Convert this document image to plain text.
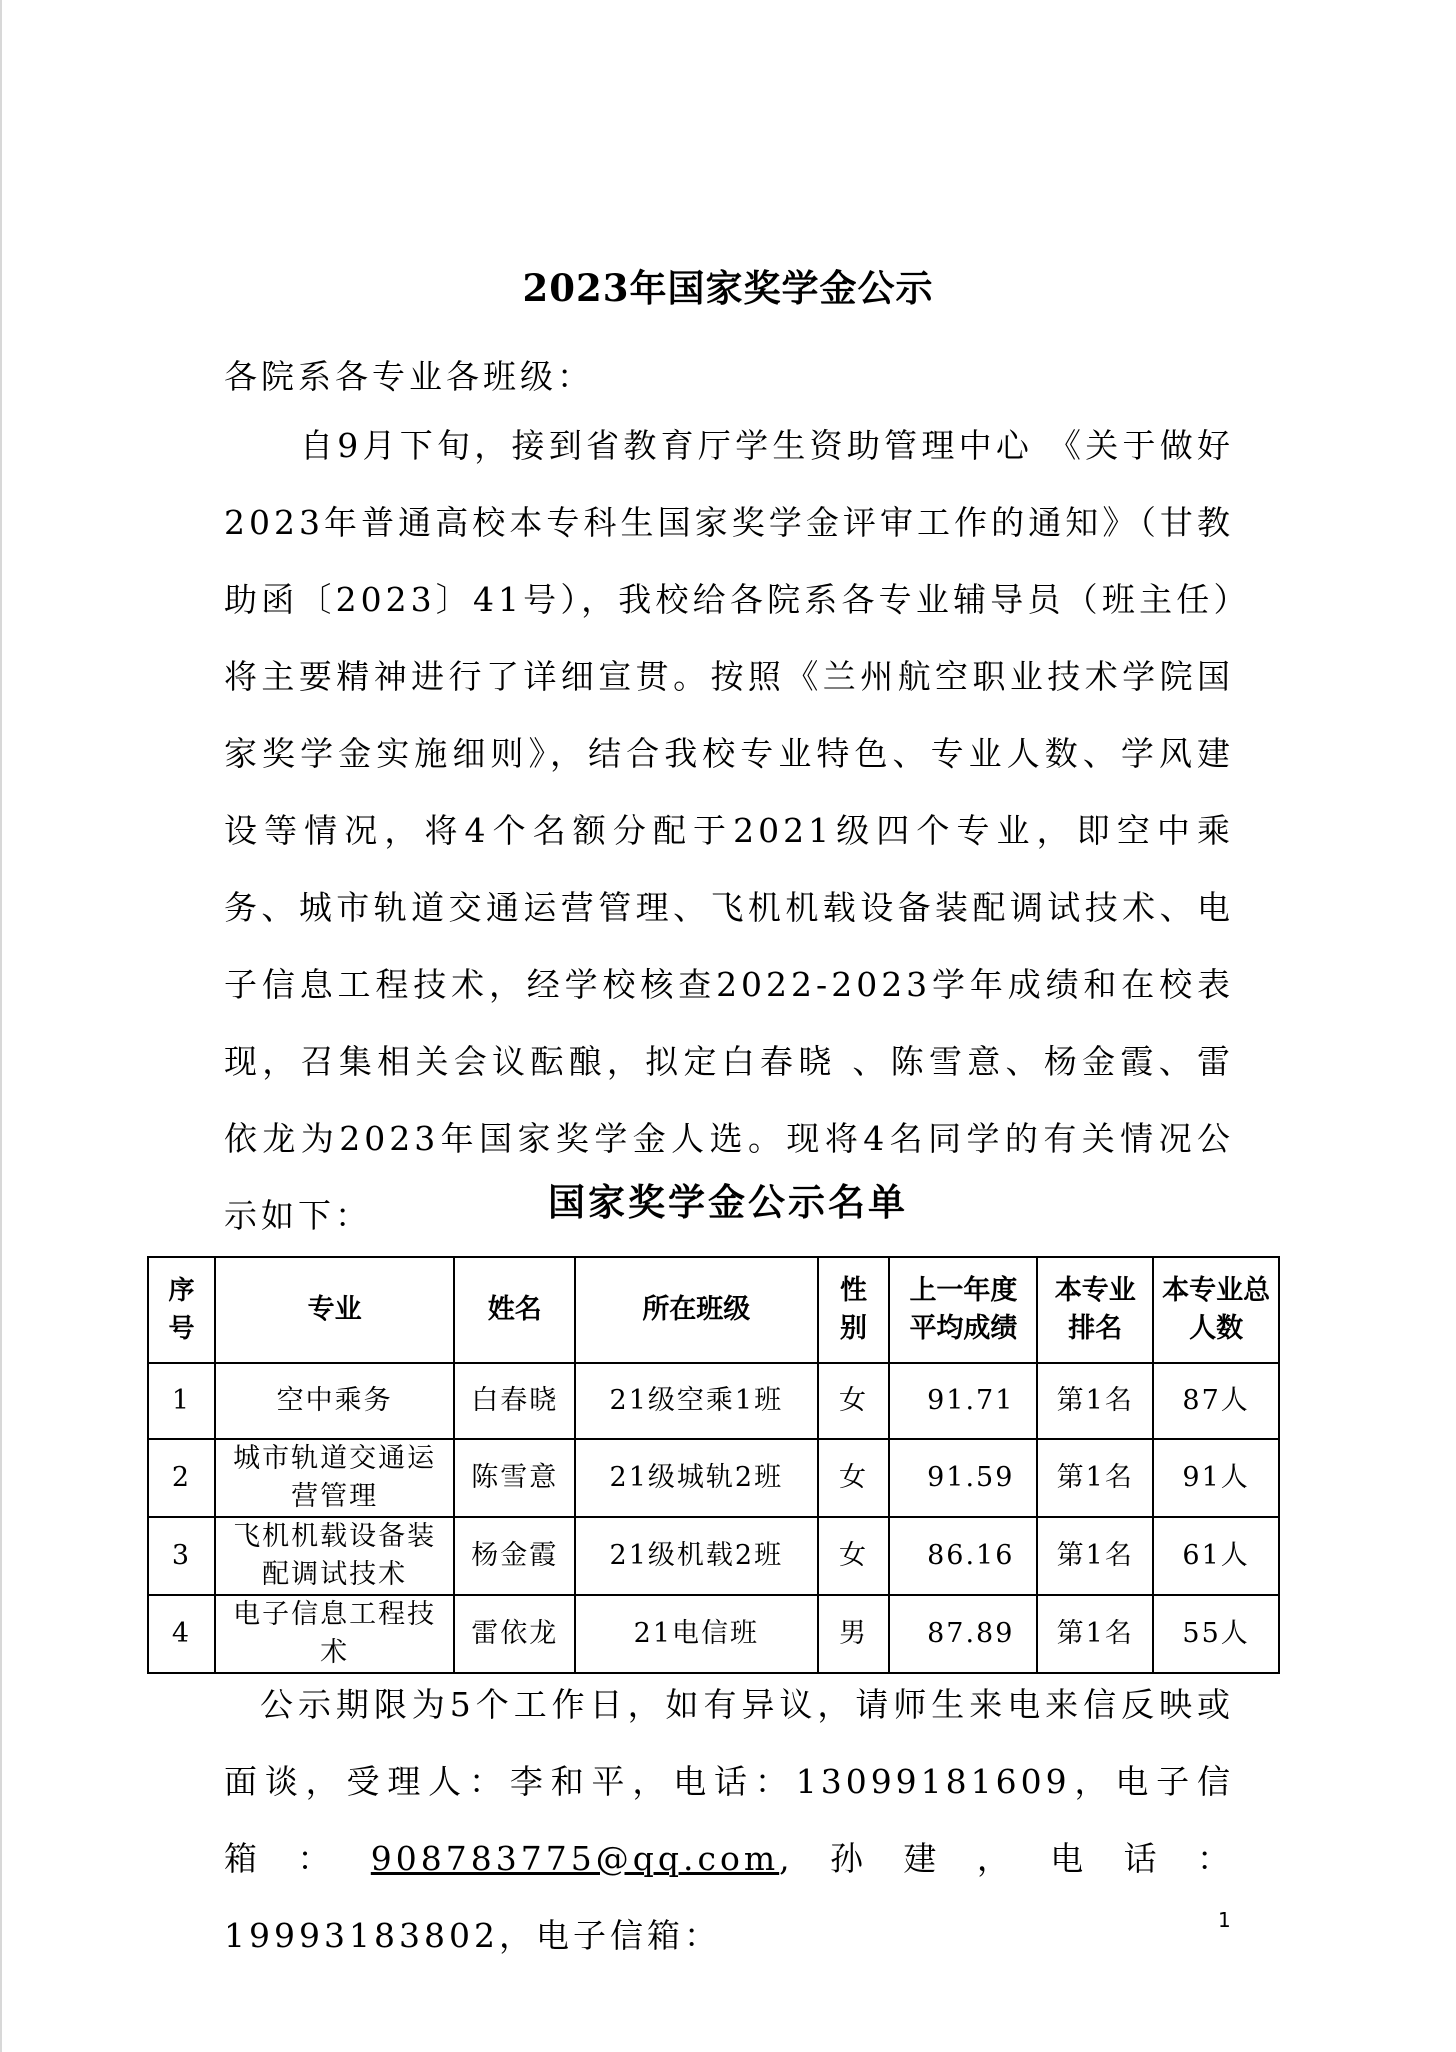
2023年国家奖学金公示
各院系各专业各班级：
自9月下旬，接到省教育厅学生资助管理中心 《关于做好2023年普通高校本专科生国家奖学金评审工作的通知》（甘教助函〔2023〕41号），我校给各院系各专业辅导员（班主任）将主要精神进行了详细宣贯。按照《兰州航空职业技术学院国家奖学金实施细则》，结合我校专业特色、专业人数、学风建设等情况，将4个名额分配于2021级四个专业，即空中乘务、城市轨道交通运营管理、飞机机载设备装配调试技术、电子信息工程技术，经学校核查2022-2023学年成绩和在校表现，召集相关会议酝酿，拟定白春晓 、陈雪意、杨金霞、雷依龙为2023年国家奖学金人选。现将4名同学的有关情况公示如下：	国家奖学金公示名单
序号	专业	姓名	所在班级	性别	上一年度平均成绩	本专业排名	本专业总人数
1	空中乘务	白春晓	21级空乘1班	女	91.71	第1名	87人
2	城市轨道交通运营管理	陈雪意	21级城轨2班	女	91.59	第1名	91人
3	飞机机载设备装配调试技术	杨金霞	21级机载2班	女	86.16	第1名	61人
4	电子信息工程技术	雷依龙	21电信班	男	87.89	第1名	55人
公示期限为5个工作日，如有异议，请师生来电来信反映或面谈，受理人：李和平，电话：13099181609，电子信箱：908783775@qq.com,孙建，电话：19993183802，电子信箱：	1
